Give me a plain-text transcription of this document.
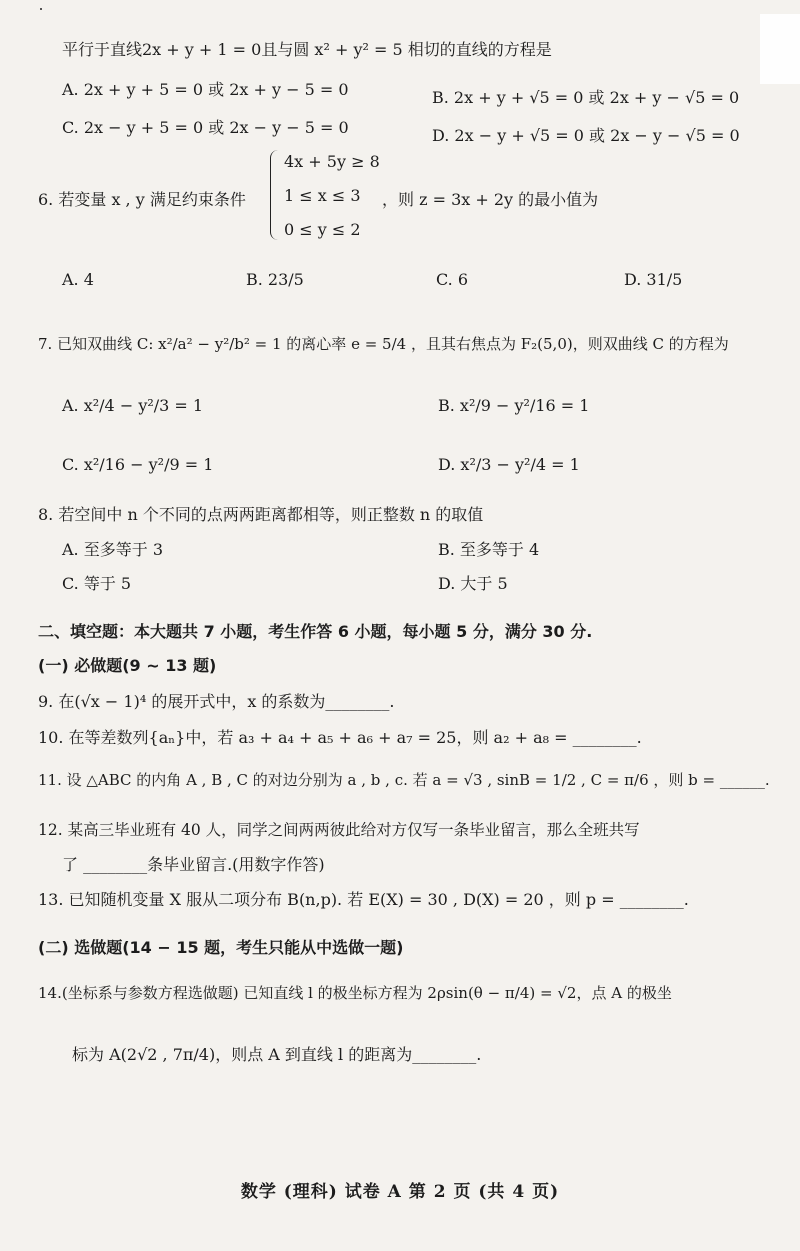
平行于直线2x + y + 1 = 0且与圆 x² + y² = 5 相切的直线的方程是
A. 2x + y + 5 = 0 或 2x + y − 5 = 0	B. 2x + y + √5 = 0 或 2x + y − √5 = 0
C. 2x − y + 5 = 0 或 2x − y − 5 = 0	D. 2x − y + √5 = 0 或 2x − y − √5 = 0
6. 若变量 x , y 满足约束条件
4x + 5y ≥ 8
1 ≤ x ≤ 3
0 ≤ y ≤ 2
，则 z = 3x + 2y 的最小值为
A. 4	B. 23/5	C. 6	D. 31/5
7. 已知双曲线 C: x²/a² − y²/b² = 1 的离心率 e = 5/4 ，且其右焦点为 F₂(5,0)，则双曲线 C 的方程为
A. x²/4 − y²/3 = 1	B. x²/9 − y²/16 = 1
C. x²/16 − y²/9 = 1	D. x²/3 − y²/4 = 1
8. 若空间中 n 个不同的点两两距离都相等，则正整数 n 的取值
A. 至多等于 3	B. 至多等于 4
C. 等于 5	D. 大于 5
二、填空题：本大题共 7 小题，考生作答 6 小题，每小题 5 分，满分 30 分.
(一) 必做题(9 ~ 13 题)
9. 在(√x − 1)⁴ 的展开式中，x 的系数为________.
10. 在等差数列{aₙ}中，若 a₃ + a₄ + a₅ + a₆ + a₇ = 25，则 a₂ + a₈ = ________.
11. 设 △ABC 的内角 A , B , C 的对边分别为 a , b , c. 若 a = √3 , sinB = 1/2 , C = π/6 ，则 b = ______.
12. 某高三毕业班有 40 人，同学之间两两彼此给对方仅写一条毕业留言，那么全班共写
了 ________条毕业留言.(用数字作答)
13. 已知随机变量 X 服从二项分布 B(n,p). 若 E(X) = 30 , D(X) = 20 ，则 p = ________.
(二) 选做题(14 − 15 题，考生只能从中选做一题)
14.(坐标系与参数方程选做题) 已知直线 l 的极坐标方程为 2ρsin(θ − π/4) = √2，点 A 的极坐
标为 A(2√2 , 7π/4)，则点 A 到直线 l 的距离为________.
数学 (理科) 试卷 A 第 2 页 (共 4 页)
